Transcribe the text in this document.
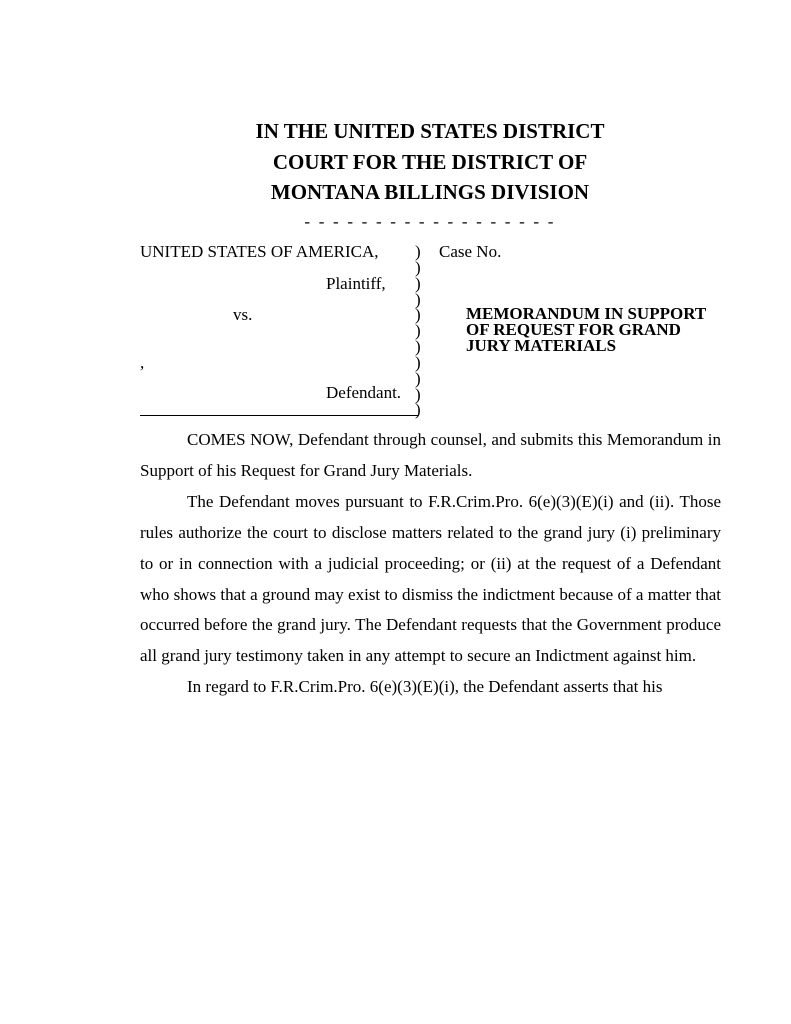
IN THE UNITED STATES DISTRICT
COURT FOR THE DISTRICT OF
MONTANA BILLINGS DIVISION
- - - - - - - - - - - - - - - - - -
UNITED STATES OF AMERICA,
Plaintiff,
vs.
,
Defendant.
)
)
)
)
)
)
)
)
)
)
)
Case No.
MEMORANDUM IN SUPPORT
OF REQUEST FOR GRAND
JURY MATERIALS

COMES NOW, Defendant through counsel, and submits this Memorandum in Support of his Request for Grand Jury Materials.

The Defendant moves pursuant to F.R.Crim.Pro. 6(e)(3)(E)(i) and (ii). Those rules authorize the court to disclose matters related to the grand jury (i) preliminary to or in connection with a judicial proceeding; or (ii) at the request of a Defendant who shows that a ground may exist to dismiss the indictment because of a matter that occurred before the grand jury. The Defendant requests that the Government produce all grand jury testimony taken in any attempt to secure an Indictment against him.

In regard to F.R.Crim.Pro. 6(e)(3)(E)(i), the Defendant asserts that his
